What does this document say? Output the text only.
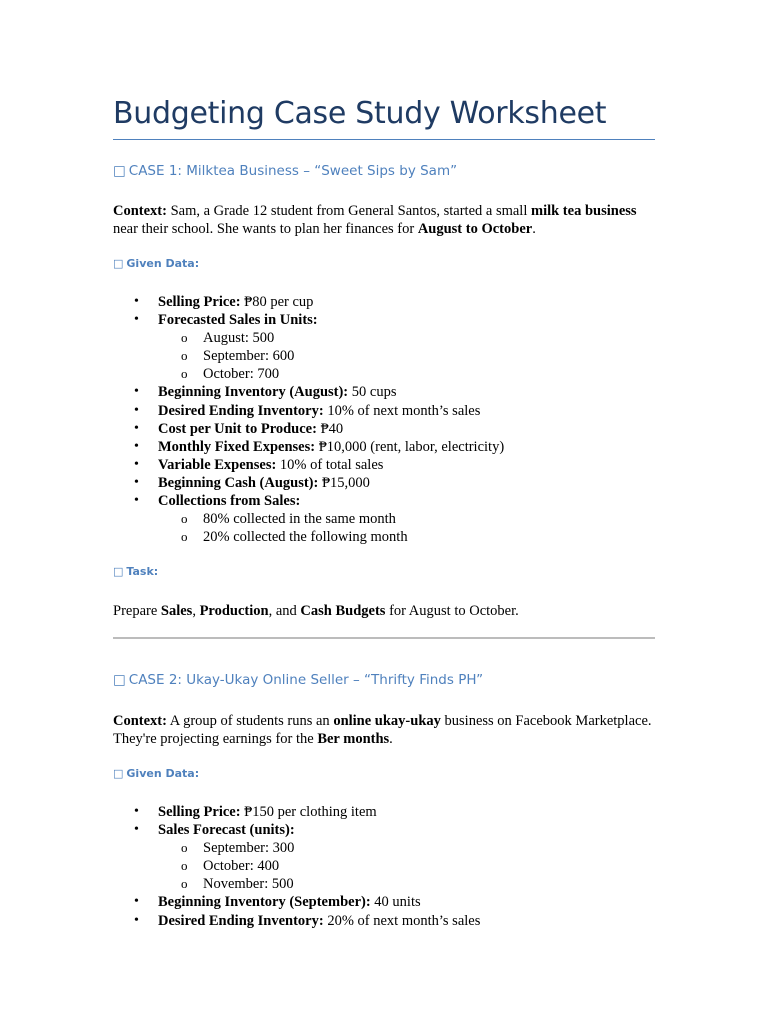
Budgeting Case Study Worksheet
□ CASE 1: Milktea Business – “Sweet Sips by Sam”

Context: Sam, a Grade 12 student from General Santos, started a small milk tea business near their school. She wants to plan her finances for August to October.

□ Given Data:
• Selling Price: ₱80 per cup
• Forecasted Sales in Units:
o August: 500
o September: 600
o October: 700
• Beginning Inventory (August): 50 cups
• Desired Ending Inventory: 10% of next month’s sales
• Cost per Unit to Produce: ₱40
• Monthly Fixed Expenses: ₱10,000 (rent, labor, electricity)
• Variable Expenses: 10% of total sales
• Beginning Cash (August): ₱15,000
• Collections from Sales:
o 80% collected in the same month
o 20% collected the following month
□ Task:

Prepare Sales, Production, and Cash Budgets for August to October.

□ CASE 2: Ukay-Ukay Online Seller – “Thrifty Finds PH”

Context: A group of students runs an online ukay-ukay business on Facebook Marketplace. They're projecting earnings for the Ber months.

□ Given Data:
• Selling Price: ₱150 per clothing item
• Sales Forecast (units):
o September: 300
o October: 400
o November: 500
• Beginning Inventory (September): 40 units
• Desired Ending Inventory: 20% of next month’s sales
